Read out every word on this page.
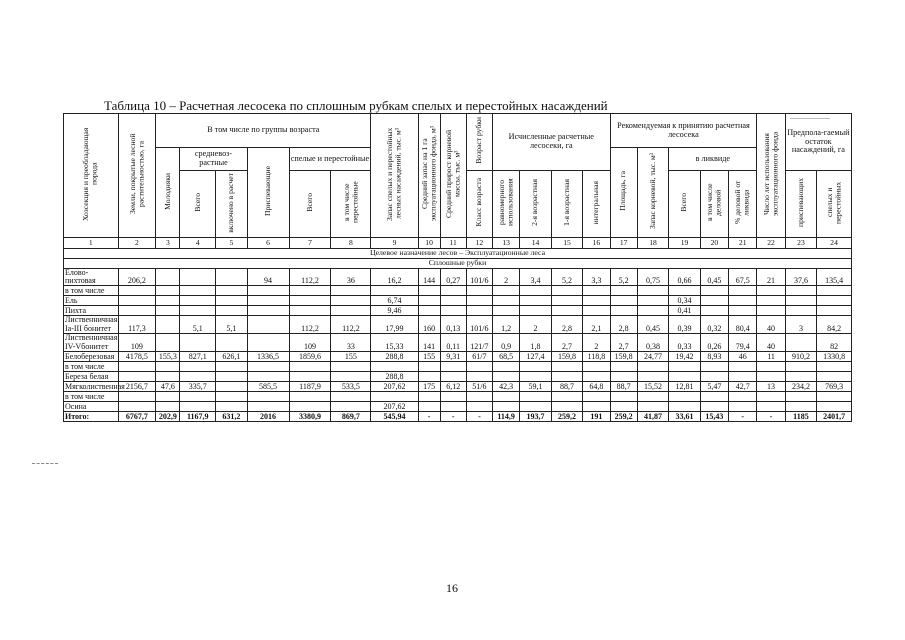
Таблица 10 – Расчетная лесосека по сплошным рубкам спелых и перестойных насаждений
Хозсекция и преобладающая порода	Земли, покрытые лесной растительностью, га	В том числе по группы возраста						Запас спелых и перестойных лесных насаждений, тыс. м³	Средний запас на 1 га эксплуатационного фонда, м³	Средний прирост корневой массы, тыс. м³	Возраст рубки	Исчисленные расчетные лесосеки, га				Рекомендуемая к принятию расчетная лесосека					Число лет использования эксплуатационного фонда	Предпола-гаемый остаток насаждений, га	
		Молодняки	средневоз-растные		Приспевающие	спелые и перестойные										Площадь, га	Запас корневой, тыс. м³	в ликвиде					
			Всего	включено в расчет		Всего	в том числе перестойные				Класс возраста	равномерного использования	2-я возрастная	1-я возрастная	интегральная			Всего	в том числе деловой	% деловой от ликвида		приспевающих	спелых и перестойных
1	2	3	4	5	6	7	8	9	10	11	12	13	14	15	16	17	18	19	20	21	22	23	24
Целевое назначение лесов – Эксплуатационные леса																							
Сплошные рубки																							
Елово-пихтовая	206,2				94	112,2	36	16,2	144	0,27	101/6	2	3,4	5,2	3,3	5,2	0,75	0,66	0,45	67,5	21	37,6	135,4
в том числе																							
Ель								6,74										0,34					
Пихта								9,46										0,41					
Лиственничная Ia-III бонитет	117,3		5,1	5,1		112,2	112,2	17,99	160	0,13	101/6	1,2	2	2,8	2,1	2,8	0,45	0,39	0,32	80,4	40	3	84,2
Лиственничная IV-Vбонитет	109					109	33	15,33	141	0,11	121/7	0,9	1,8	2,7	2	2,7	0,38	0,33	0,26	79,4	40		82
Белоберезовая	4178,5	155,3	827,1	626,1	1336,5	1859,6	155	288,8	155	9,31	61/7	68,5	127,4	159,8	118,8	159,8	24,77	19,42	8,93	46	11	910,2	1330,8
в том числе																							
Береза белая								288,8															
Мягколиственная	2156,7	47,6	335,7		585,5	1187,9	533,5	207,62	175	6,12	51/6	42,3	59,1	88,7	64,8	88,7	15,52	12,81	5,47	42,7	13	234,2	769,3
в том числе																							
Осина								207,62															
Итого:	6767,7	202,9	1167,9	631,2	2016	3380,9	869,7	545,94	-	-	-	114,9	193,7	259,2	191	259,2	41,87	33,61	15,43	-	-	1185	2401,7
16
